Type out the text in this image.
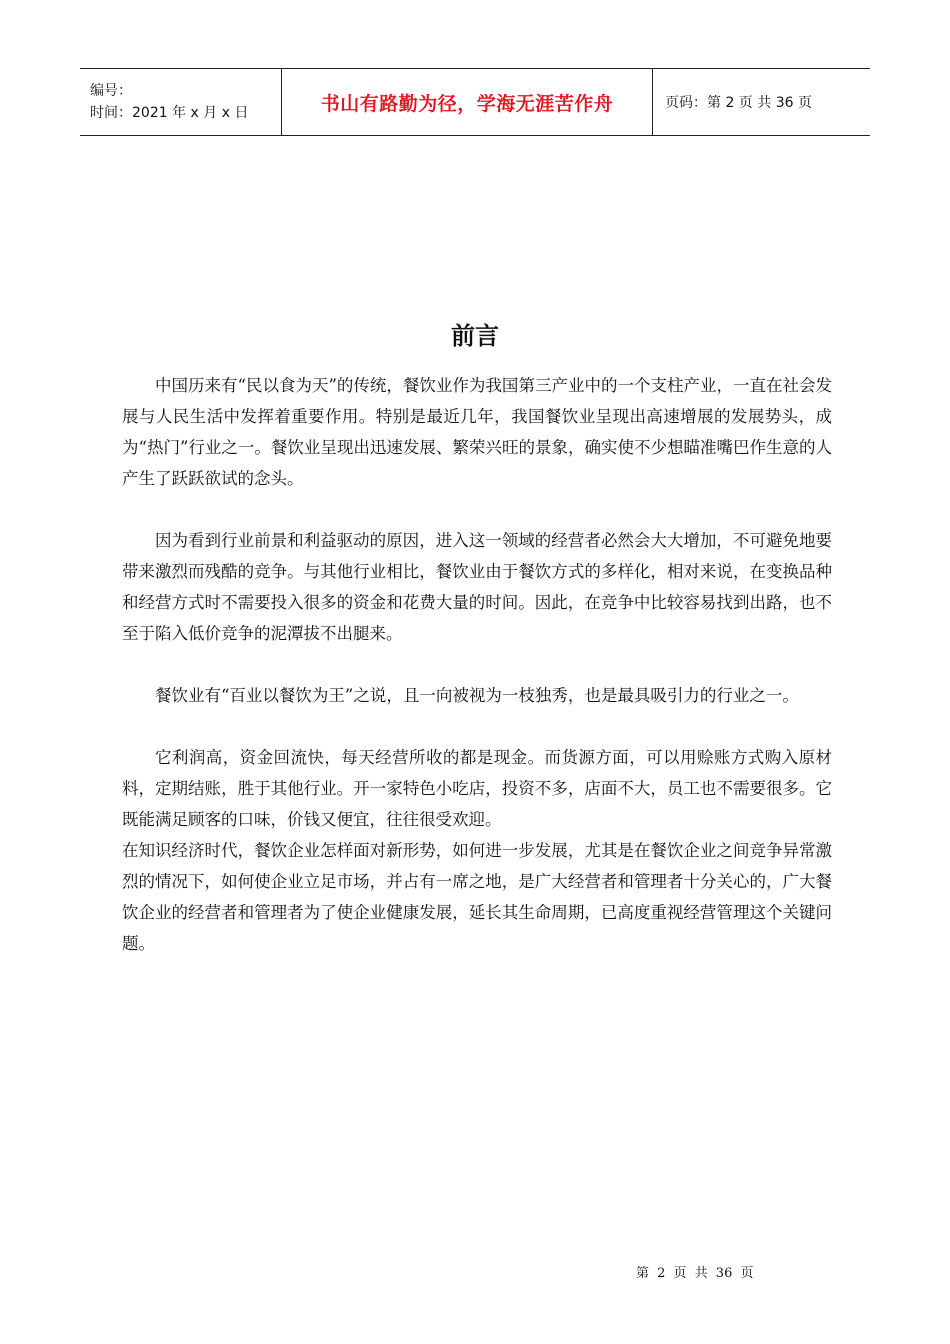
编号：
时间：2021 年 x 月 x 日	书山有路勤为径，学海无涯苦作舟	页码：第 2 页 共 36 页
前言

中国历来有“民以食为天”的传统，餐饮业作为我国第三产业中的一个支柱产业，一直在社会发展与人民生活中发挥着重要作用。特别是最近几年，我国餐饮业呈现出高速增展的发展势头，成为“热门”行业之一。餐饮业呈现出迅速发展、繁荣兴旺的景象，确实使不少想瞄准嘴巴作生意的人产生了跃跃欲试的念头。

因为看到行业前景和利益驱动的原因，进入这一领域的经营者必然会大大增加，不可避免地要带来激烈而残酷的竞争。与其他行业相比，餐饮业由于餐饮方式的多样化，相对来说，在变换品种和经营方式时不需要投入很多的资金和花费大量的时间。因此，在竞争中比较容易找到出路，也不至于陷入低价竞争的泥潭拔不出腿来。

餐饮业有“百业以餐饮为王”之说，且一向被视为一枝独秀，也是最具吸引力的行业之一。

它利润高，资金回流快，每天经营所收的都是现金。而货源方面，可以用赊账方式购入原材料，定期结账，胜于其他行业。开一家特色小吃店，投资不多，店面不大，员工也不需要很多。它既能满足顾客的口味，价钱又便宜，往往很受欢迎。

在知识经济时代，餐饮企业怎样面对新形势，如何进一步发展，尤其是在餐饮企业之间竞争异常激烈的情况下，如何使企业立足市场，并占有一席之地，是广大经营者和管理者十分关心的，广大餐饮企业的经营者和管理者为了使企业健康发展，延长其生命周期，已高度重视经营管理这个关键问题。

第 2 页 共 36 页
